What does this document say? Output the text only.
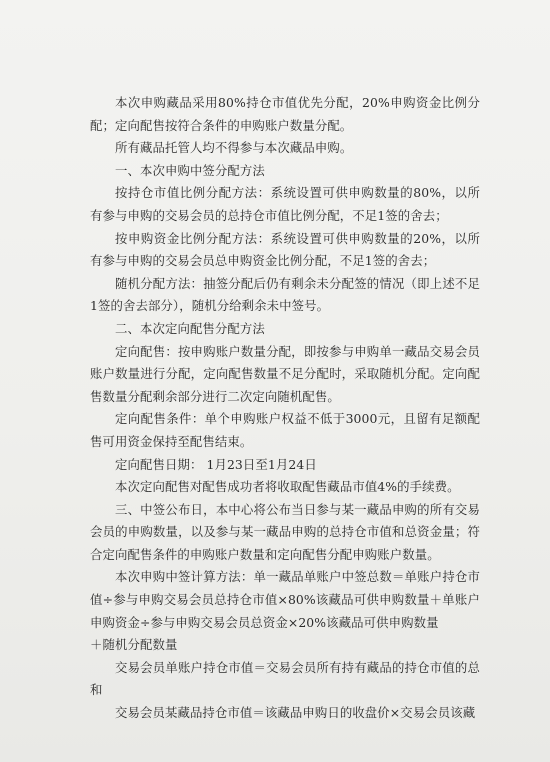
本次申购藏品采用80%持仓市值优先分配，20%申购资金比例分配；定向配售按符合条件的申购账户数量分配。

所有藏品托管人均不得参与本次藏品申购。

一、本次申购中签分配方法

按持仓市值比例分配方法：系统设置可供申购数量的80%，以所有参与申购的交易会员的总持仓市值比例分配，不足1签的舍去；

按申购资金比例分配方法：系统设置可供申购数量的20%，以所有参与申购的交易会员总申购资金比例分配，不足1签的舍去；

随机分配方法：抽签分配后仍有剩余未分配签的情况（即上述不足1签的舍去部分），随机分给剩余未中签号。

二、本次定向配售分配方法

定向配售：按申购账户数量分配，即按参与申购单一藏品交易会员账户数量进行分配，定向配售数量不足分配时，采取随机分配。定向配售数量分配剩余部分进行二次定向随机配售。

定向配售条件：单个申购账户权益不低于3000元，且留有足额配售可用资金保持至配售结束。

定向配售日期： 1月23日至1月24日

本次定向配售对配售成功者将收取配售藏品市值4%的手续费。

三、中签公布日，本中心将公布当日参与某一藏品申购的所有交易会员的申购数量，以及参与某一藏品申购的总持仓市值和总资金量；符合定向配售条件的申购账户数量和定向配售分配申购账户数量。

本次申购中签计算方法：单一藏品单账户中签总数＝单账户持仓市值÷参与申购交易会员总持仓市值×80%该藏品可供申购数量＋单账户申购资金÷参与申购交易会员总资金×20%该藏品可供申购数量

＋随机分配数量

交易会员单账户持仓市值＝交易会员所有持有藏品的持仓市值的总和

交易会员某藏品持仓市值＝该藏品申购日的收盘价×交易会员该藏
